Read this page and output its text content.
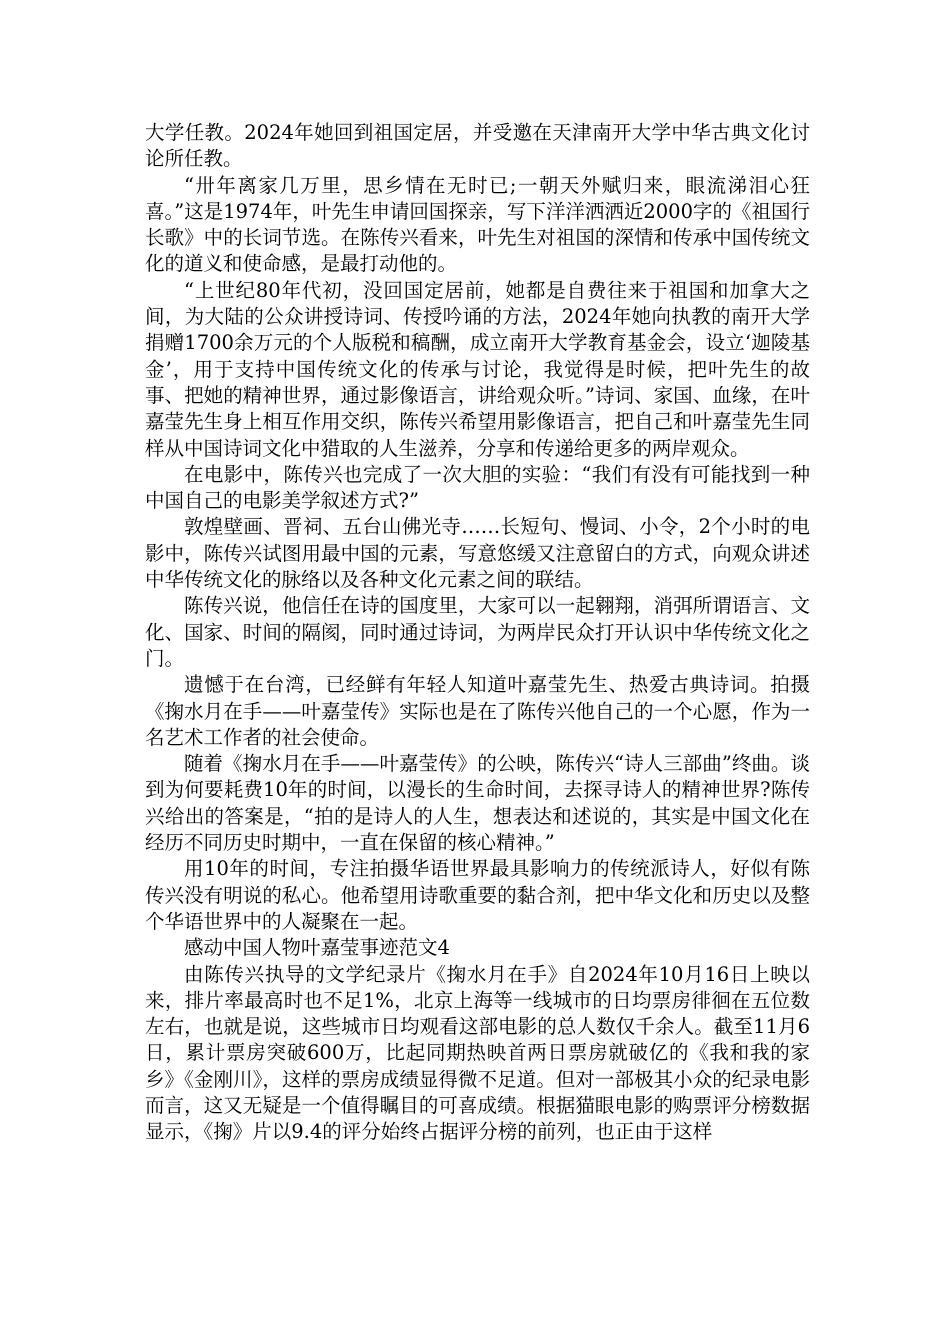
大学任教。2024年她回到祖国定居，并受邀在天津南开大学中华古典文化讨论所任教。

“卅年离家几万里，思乡情在无时已;一朝天外赋归来，眼流涕泪心狂喜。”这是1974年，叶先生申请回国探亲，写下洋洋洒洒近2000字的《祖国行长歌》中的长词节选。在陈传兴看来，叶先生对祖国的深情和传承中国传统文化的道义和使命感，是最打动他的。

“上世纪80年代初，没回国定居前，她都是自费往来于祖国和加拿大之间，为大陆的公众讲授诗词、传授吟诵的方法，2024年她向执教的南开大学捐赠1700余万元的个人版税和稿酬，成立南开大学教育基金会，设立‘迦陵基金’，用于支持中国传统文化的传承与讨论，我觉得是时候，把叶先生的故事、把她的精神世界，通过影像语言，讲给观众听。”诗词、家国、血缘，在叶嘉莹先生身上相互作用交织，陈传兴希望用影像语言，把自己和叶嘉莹先生同样从中国诗词文化中猎取的人生滋养，分享和传递给更多的两岸观众。

在电影中，陈传兴也完成了一次大胆的实验：“我们有没有可能找到一种中国自己的电影美学叙述方式?”

敦煌壁画、晋祠、五台山佛光寺……长短句、慢词、小令，2个小时的电影中，陈传兴试图用最中国的元素，写意悠缓又注意留白的方式，向观众讲述中华传统文化的脉络以及各种文化元素之间的联结。

陈传兴说，他信任在诗的国度里，大家可以一起翱翔，消弭所谓语言、文化、国家、时间的隔阂，同时通过诗词，为两岸民众打开认识中华传统文化之门。

遗憾于在台湾，已经鲜有年轻人知道叶嘉莹先生、热爱古典诗词。拍摄《掬水月在手——叶嘉莹传》实际也是在了陈传兴他自己的一个心愿，作为一名艺术工作者的社会使命。

随着《掬水月在手——叶嘉莹传》的公映，陈传兴“诗人三部曲”终曲。谈到为何要耗费10年的时间，以漫长的生命时间，去探寻诗人的精神世界?陈传兴给出的答案是，“拍的是诗人的人生，想表达和述说的，其实是中国文化在经历不同历史时期中，一直在保留的核心精神。”

用10年的时间，专注拍摄华语世界最具影响力的传统派诗人，好似有陈传兴没有明说的私心。他希望用诗歌重要的黏合剂，把中华文化和历史以及整个华语世界中的人凝聚在一起。

感动中国人物叶嘉莹事迹范文4

由陈传兴执导的文学纪录片《掬水月在手》自2024年10月16日上映以来，排片率最高时也不足1%，北京上海等一线城市的日均票房徘徊在五位数左右，也就是说，这些城市日均观看这部电影的总人数仅千余人。截至11月6日，累计票房突破600万，比起同期热映首两日票房就破亿的《我和我的家乡》《金刚川》，这样的票房成绩显得微不足道。但对一部极其小众的纪录电影而言，这又无疑是一个值得瞩目的可喜成绩。根据猫眼电影的购票评分榜数据显示，《掬》片以9.4的评分始终占据评分榜的前列，也正由于这样
